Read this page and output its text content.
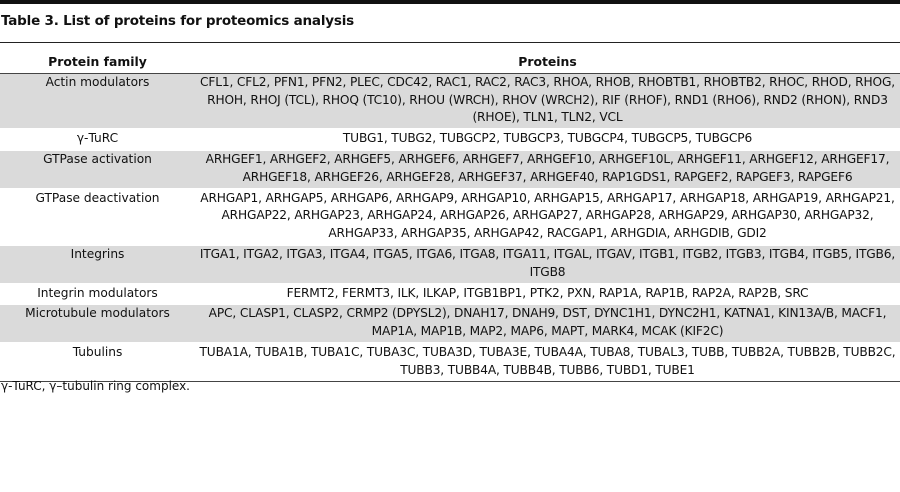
Table 3. List of proteins for proteomics analysis
Protein family	Proteins
Actin modulators	CFL1, CFL2, PFN1, PFN2, PLEC, CDC42, RAC1, RAC2, RAC3, RHOA, RHOB, RHOBTB1, RHOBTB2, RHOC, RHOD, RHOG, RHOH, RHOJ (TCL), RHOQ (TC10), RHOU (WRCH), RHOV (WRCH2), RIF (RHOF), RND1 (RHO6), RND2 (RHON), RND3 (RHOE), TLN1, TLN2, VCL
γ-TuRC	TUBG1, TUBG2, TUBGCP2, TUBGCP3, TUBGCP4, TUBGCP5, TUBGCP6
GTPase activation	ARHGEF1, ARHGEF2, ARHGEF5, ARHGEF6, ARHGEF7, ARHGEF10, ARHGEF10L, ARHGEF11, ARHGEF12, ARHGEF17, ARHGEF18, ARHGEF26, ARHGEF28, ARHGEF37, ARHGEF40, RAP1GDS1, RAPGEF2, RAPGEF3, RAPGEF6
GTPase deactivation	ARHGAP1, ARHGAP5, ARHGAP6, ARHGAP9, ARHGAP10, ARHGAP15, ARHGAP17, ARHGAP18, ARHGAP19, ARHGAP21, ARHGAP22, ARHGAP23, ARHGAP24, ARHGAP26, ARHGAP27, ARHGAP28, ARHGAP29, ARHGAP30, ARHGAP32, ARHGAP33, ARHGAP35, ARHGAP42, RACGAP1, ARHGDIA, ARHGDIB, GDI2
Integrins	ITGA1, ITGA2, ITGA3, ITGA4, ITGA5, ITGA6, ITGA8, ITGA11, ITGAL, ITGAV, ITGB1, ITGB2, ITGB3, ITGB4, ITGB5, ITGB6, ITGB8
Integrin modulators	FERMT2, FERMT3, ILK, ILKAP, ITGB1BP1, PTK2, PXN, RAP1A, RAP1B, RAP2A, RAP2B, SRC
Microtubule modulators	APC, CLASP1, CLASP2, CRMP2 (DPYSL2), DNAH17, DNAH9, DST, DYNC1H1, DYNC2H1, KATNA1, KIN13A/B, MACF1, MAP1A, MAP1B, MAP2, MAP6, MAPT, MARK4, MCAK (KIF2C)
Tubulins	TUBA1A, TUBA1B, TUBA1C, TUBA3C, TUBA3D, TUBA3E, TUBA4A, TUBA8, TUBAL3, TUBB, TUBB2A, TUBB2B, TUBB2C, TUBB3, TUBB4A, TUBB4B, TUBB6, TUBD1, TUBE1
γ-TuRC, γ–tubulin ring complex.
